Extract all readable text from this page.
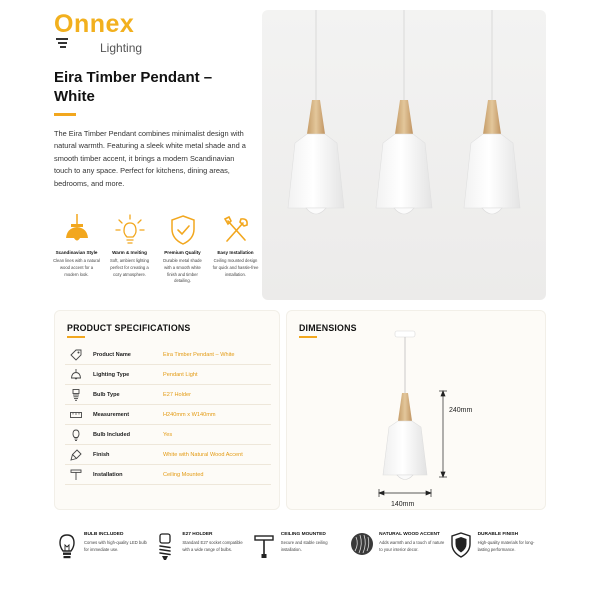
Onnex
Lighting
Eira Timber Pendant – White

The Eira Timber Pendant combines minimalist design with natural warmth. Featuring a sleek white metal shade and a smooth timber accent, it brings a modern Scandinavian touch to any space. Perfect for kitchens, dining areas, bedrooms, and more.

Scandinavian Style
Clean lines with a natural wood accent for a modern look.
Warm & Inviting
Soft, ambient lighting perfect for creating a cozy atmosphere.
Premium Quality
Durable metal shade with a smooth white finish and timber detailing.
Easy Installation
Ceiling mounted design for quick and hassle-free installation.
PRODUCT SPECIFICATIONS
Product Name	Eira Timber Pendant – White
Lighting Type	Pendant Light
Bulb Type	E27 Holder
Measurement	H240mm x W140mm
Bulb Included	Yes
Finish	White with Natural Wood Accent
Installation	Ceiling Mounted
DIMENSIONS
240mm
140mm
BULB INCLUDED
Comes with high-quality LED bulb for immediate use.
E27 HOLDER
Standard E27 socket compatible with a wide range of bulbs.
CEILING MOUNTED
Secure and stable ceiling installation.
NATURAL WOOD ACCENT
Adds warmth and a touch of nature to your interior decor.
DURABLE FINISH
High-quality materials for long-lasting performance.
